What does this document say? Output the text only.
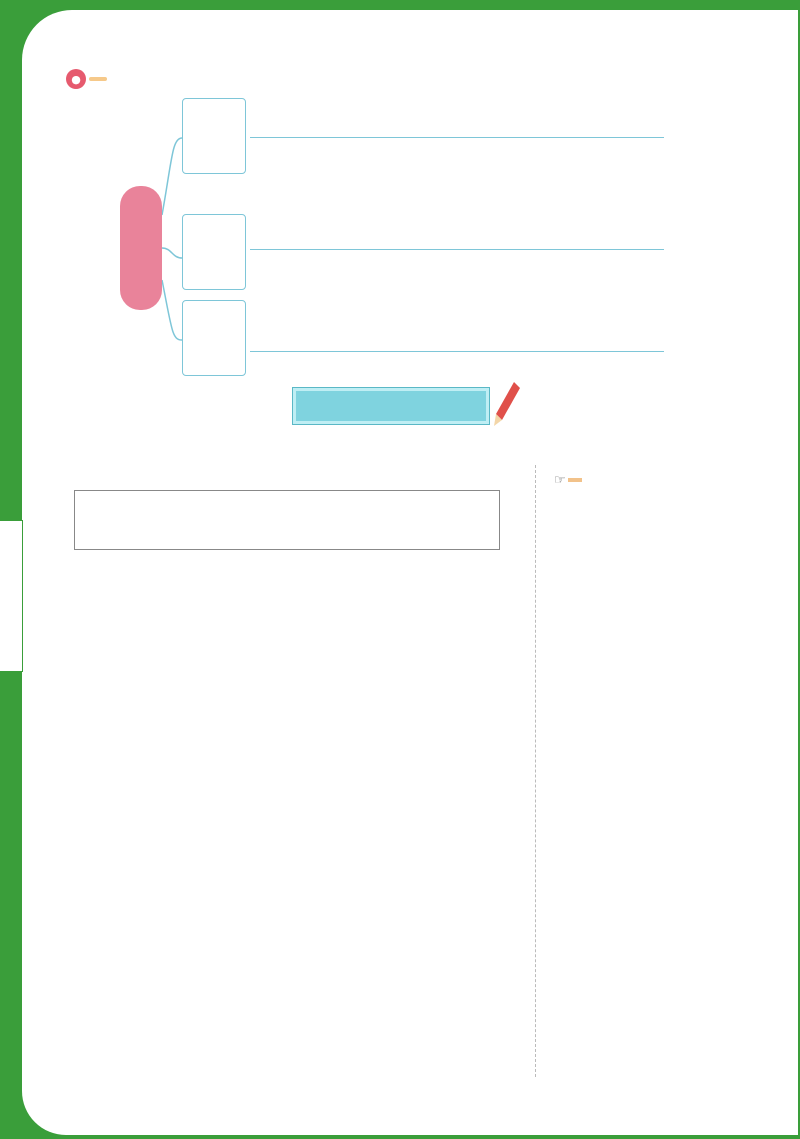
●
☞
